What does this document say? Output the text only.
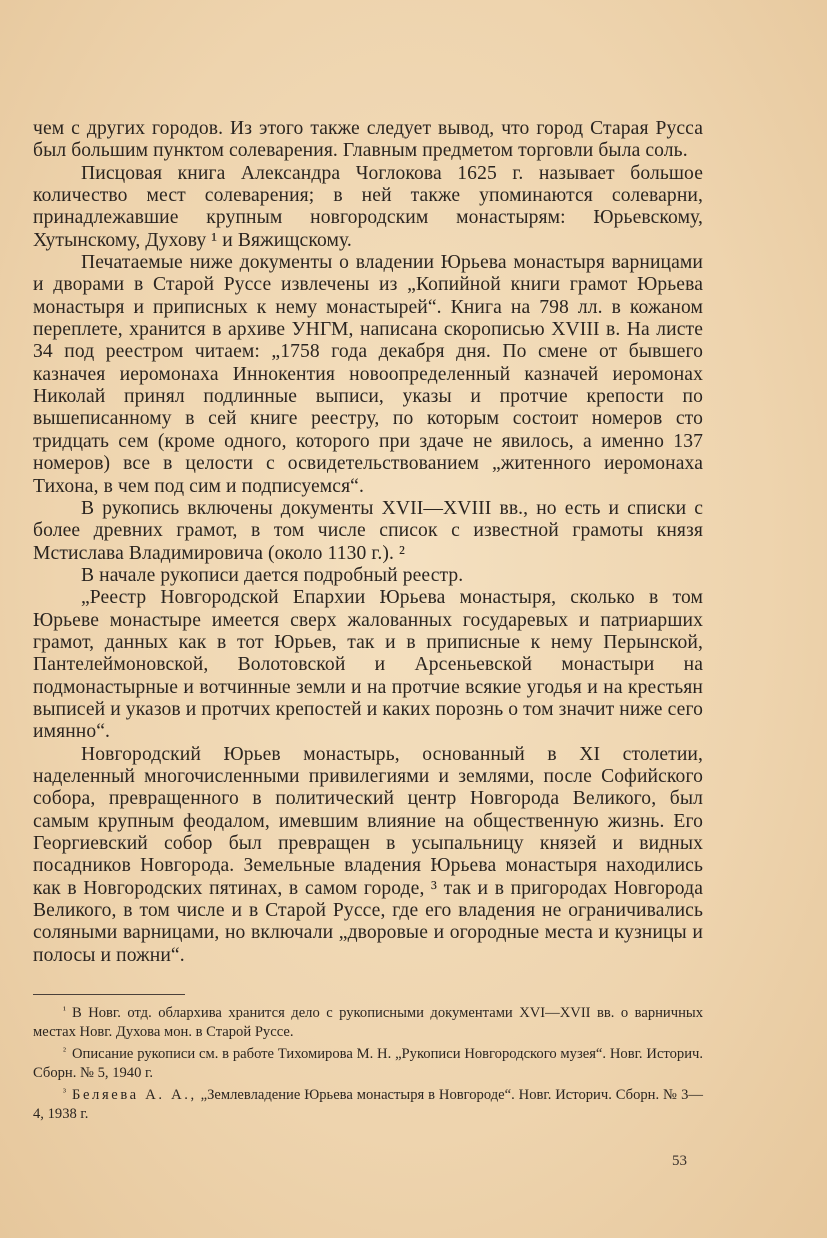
чем с других городов. Из этого также следует вывод, что город Старая Русса был большим пунктом солеварения. Главным предметом торговли была соль.

Писцовая книга Александра Чоглокова 1625 г. называет большое количество мест солеварения; в ней также упоминаются солеварни, принадлежавшие крупным новгородским монастырям: Юрьевскому, Хутынскому, Духову ¹ и Вяжищскому.

Печатаемые ниже документы о владении Юрьева монастыря варницами и дворами в Старой Руссе извлечены из „Копийной книги грамот Юрьева монастыря и приписных к нему монастырей“. Книга на 798 лл. в кожаном переплете, хранится в архиве УНГМ, написана скорописью XVIII в. На листе 34 под реестром читаем: „1758 года декабря дня. По смене от бывшего казначея иеромонаха Иннокентия новоопределенный казначей иеромонах Николай принял подлинные выписи, указы и протчие крепости по вышеписанному в сей книге реестру, по которым состоит номеров сто тридцать сем (кроме одного, которого при здаче не явилось, а именно 137 номеров) все в целости с освидетельствованием „житенного иеромонаха Тихона, в чем под сим и подписуемся“.

В рукопись включены документы XVII—XVIII вв., но есть и списки с более древних грамот, в том числе список с известной грамоты князя Мстислава Владимировича (около 1130 г.). ²

В начале рукописи дается подробный реестр.

„Реестр Новгородской Епархии Юрьева монастыря, сколько в том Юрьеве монастыре имеется сверх жалованных государевых и патриарших грамот, данных как в тот Юрьев, так и в приписные к нему Перынской, Пантелеймоновской, Волотовской и Арсеньевской монастыри на подмонастырные и вотчинные земли и на протчие всякие угодья и на крестьян выписей и указов и протчих крепостей и каких порознь о том значит ниже сего имянно“.

Новгородский Юрьев монастырь, основанный в XI столетии, наделенный многочисленными привилегиями и землями, после Софийского собора, превращенного в политический центр Новгорода Великого, был самым крупным феодалом, имевшим влияние на общественную жизнь. Его Георгиевский собор был превращен в усыпальницу князей и видных посадников Новгорода. Земельные владения Юрьева монастыря находились как в Новгородских пятинах, в самом городе, ³ так и в пригородах Новгорода Великого, в том числе и в Старой Руссе, где его владения не ограничивались соляными варницами, но включали „дворовые и огородные места и кузницы и полосы и пожни“.

$^{^1}$ В Новг. отд. облархива хранится дело с рукописными документами XVI—XVII вв. о варничных местах Новг. Духова мон. в Старой Руссе.

$^{^2}$ Описание рукописи см. в работе Тихомирова М. Н. „Рукописи Новгородского музея“. Новг. Историч. Сборн. № 5, 1940 г.

$^{^3}$ Беляева А. А., „Землевладение Юрьева монастыря в Новгороде“. Новг. Историч. Сборн. № 3—4, 1938 г.

53
